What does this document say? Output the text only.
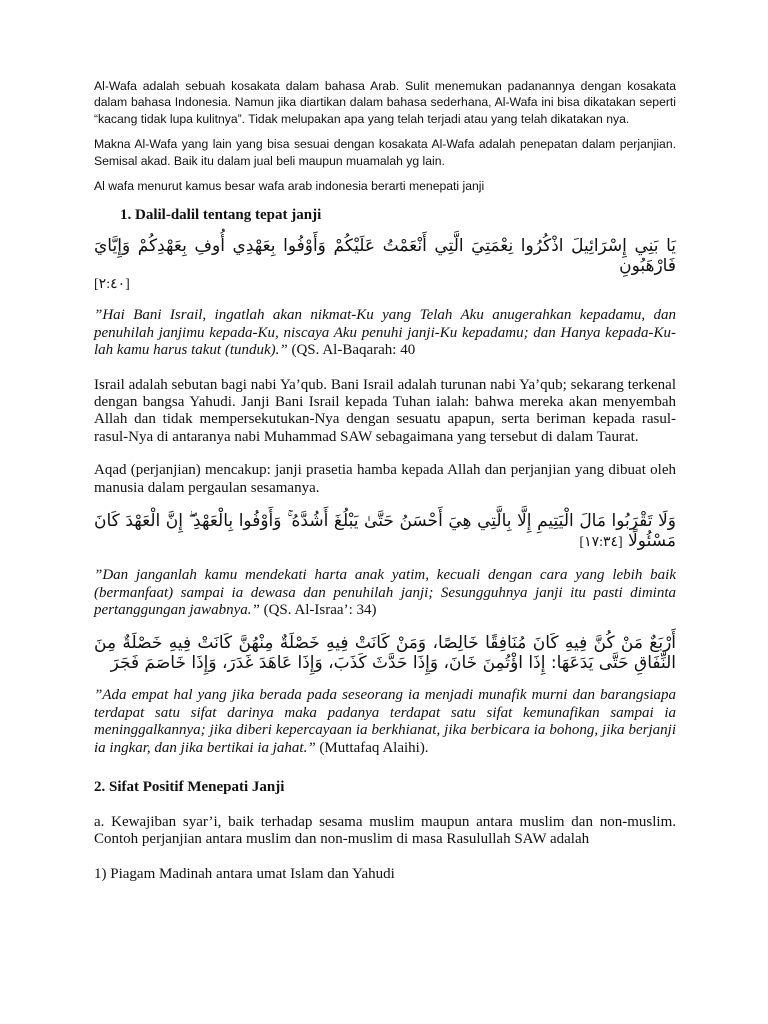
Al-Wafa adalah sebuah kosakata dalam bahasa Arab. Sulit menemukan padanannya dengan kosakata dalam bahasa Indonesia. Namun jika diartikan dalam bahasa sederhana, Al-Wafa ini bisa dikatakan seperti “kacang tidak lupa kulitnya”. Tidak melupakan apa yang telah terjadi atau yang telah dikatakan nya.

Makna Al-Wafa yang lain yang bisa sesuai dengan kosakata Al-Wafa adalah penepatan dalam perjanjian. Semisal akad. Baik itu dalam jual beli maupun muamalah yg lain.

Al wafa menurut kamus besar wafa arab indonesia berarti menepati janji

1. Dalil-dalil tentang tepat janji

يَا بَنِي إِسْرَائِيلَ اذْكُرُوا نِعْمَتِيَ الَّتِي أَنْعَمْتُ عَلَيْكُمْ وَأَوْفُوا بِعَهْدِي أُوفِ بِعَهْدِكُمْ وَإِيَّايَ فَارْهَبُونِ

[٢:٤٠]

”Hai Bani Israil, ingatlah akan nikmat-Ku yang Telah Aku anugerahkan kepadamu, dan penuhilah janjimu kepada-Ku, niscaya Aku penuhi janji-Ku kepadamu; dan Hanya kepada-Ku-lah kamu harus takut (tunduk).” (QS. Al-Baqarah: 40

Israil adalah sebutan bagi nabi Ya’qub. Bani Israil adalah turunan nabi Ya’qub; sekarang terkenal dengan bangsa Yahudi. Janji Bani Israil kepada Tuhan ialah: bahwa mereka akan menyembah Allah dan tidak mempersekutukan-Nya dengan sesuatu apapun, serta beriman kepada rasul-rasul-Nya di antaranya nabi Muhammad SAW sebagaimana yang tersebut di dalam Taurat.

Aqad (perjanjian) mencakup: janji prasetia hamba kepada Allah dan perjanjian yang dibuat oleh manusia dalam pergaulan sesamanya.

وَلَا تَقْرَبُوا مَالَ الْيَتِيمِ إِلَّا بِالَّتِي هِيَ أَحْسَنُ حَتَّىٰ يَبْلُغَ أَشُدَّهُ ۚ وَأَوْفُوا بِالْعَهْدِ ۖ إِنَّ الْعَهْدَ كَانَ مَسْئُولًا [١٧:٣٤]

”Dan janganlah kamu mendekati harta anak yatim, kecuali dengan cara yang lebih baik (bermanfaat) sampai ia dewasa dan penuhilah janji; Sesungguhnya janji itu pasti diminta pertanggungan jawabnya.” (QS. Al-Israa’: 34)

أَرْبَعٌ مَنْ كُنَّ فِيهِ كَانَ مُنَافِقًا خَالِصًا، وَمَنْ كَانَتْ فِيهِ خَصْلَةٌ مِنْهُنَّ كَانَتْ فِيهِ خَصْلَةٌ مِنَ النِّفَاقِ حَتَّى يَدَعَهَا: إِذَا اؤْتُمِنَ خَانَ، وَإِذَا حَدَّثَ كَذَبَ، وَإِذَا عَاهَدَ غَدَرَ، وَإِذَا خَاصَمَ فَجَرَ

”Ada empat hal yang jika berada pada seseorang ia menjadi munafik murni dan barangsiapa terdapat satu sifat darinya maka padanya terdapat satu sifat kemunafikan sampai ia meninggalkannya; jika diberi kepercayaan ia berkhianat, jika berbicara ia bohong, jika berjanji ia ingkar, dan jika bertikai ia jahat.” (Muttafaq Alaihi).

2. Sifat Positif Menepati Janji

a. Kewajiban syar’i, baik terhadap sesama muslim maupun antara muslim dan non-muslim. Contoh perjanjian antara muslim dan non-muslim di masa Rasulullah SAW adalah

1) Piagam Madinah antara umat Islam dan Yahudi
